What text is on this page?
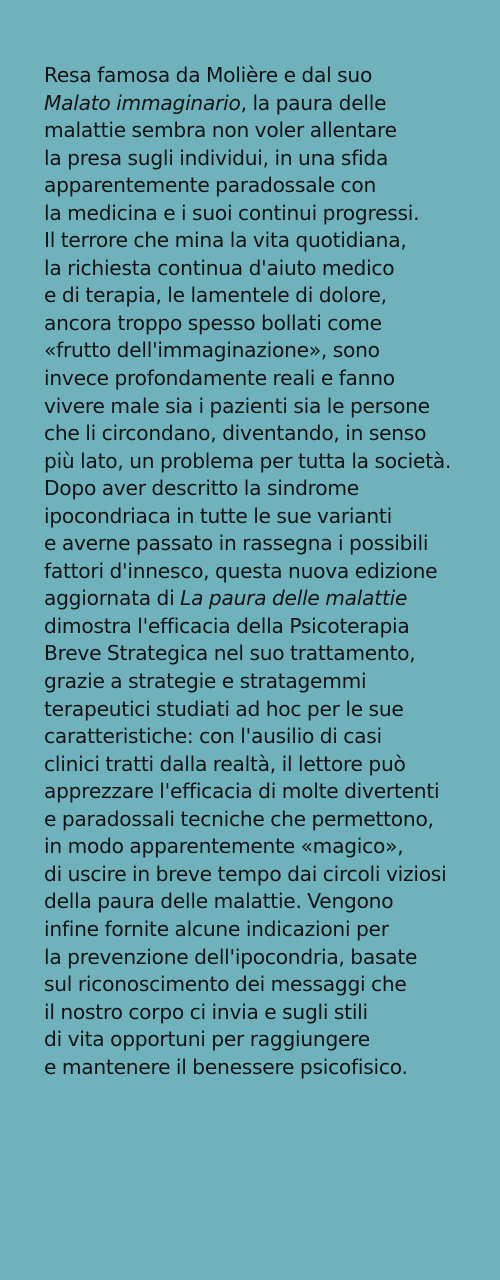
Resa famosa da Molière e dal suo
Malato immaginario, la paura delle
malattie sembra non voler allentare
la presa sugli individui, in una sfida
apparentemente paradossale con
la medicina e i suoi continui progressi.
Il terrore che mina la vita quotidiana,
la richiesta continua d'aiuto medico
e di terapia, le lamentele di dolore,
ancora troppo spesso bollati come
«frutto dell'immaginazione», sono
invece profondamente reali e fanno
vivere male sia i pazienti sia le persone
che li circondano, diventando, in senso
più lato, un problema per tutta la società.
Dopo aver descritto la sindrome
ipocondriaca in tutte le sue varianti
e averne passato in rassegna i possibili
fattori d'innesco, questa nuova edizione
aggiornata di La paura delle malattie
dimostra l'efficacia della Psicoterapia
Breve Strategica nel suo trattamento,
grazie a strategie e stratagemmi
terapeutici studiati ad hoc per le sue
caratteristiche: con l'ausilio di casi
clinici tratti dalla realtà, il lettore può
apprezzare l'efficacia di molte divertenti
e paradossali tecniche che permettono,
in modo apparentemente «magico»,
di uscire in breve tempo dai circoli viziosi
della paura delle malattie. Vengono
infine fornite alcune indicazioni per
la prevenzione dell'ipocondria, basate
sul riconoscimento dei messaggi che
il nostro corpo ci invia e sugli stili
di vita opportuni per raggiungere
e mantenere il benessere psicofisico.
